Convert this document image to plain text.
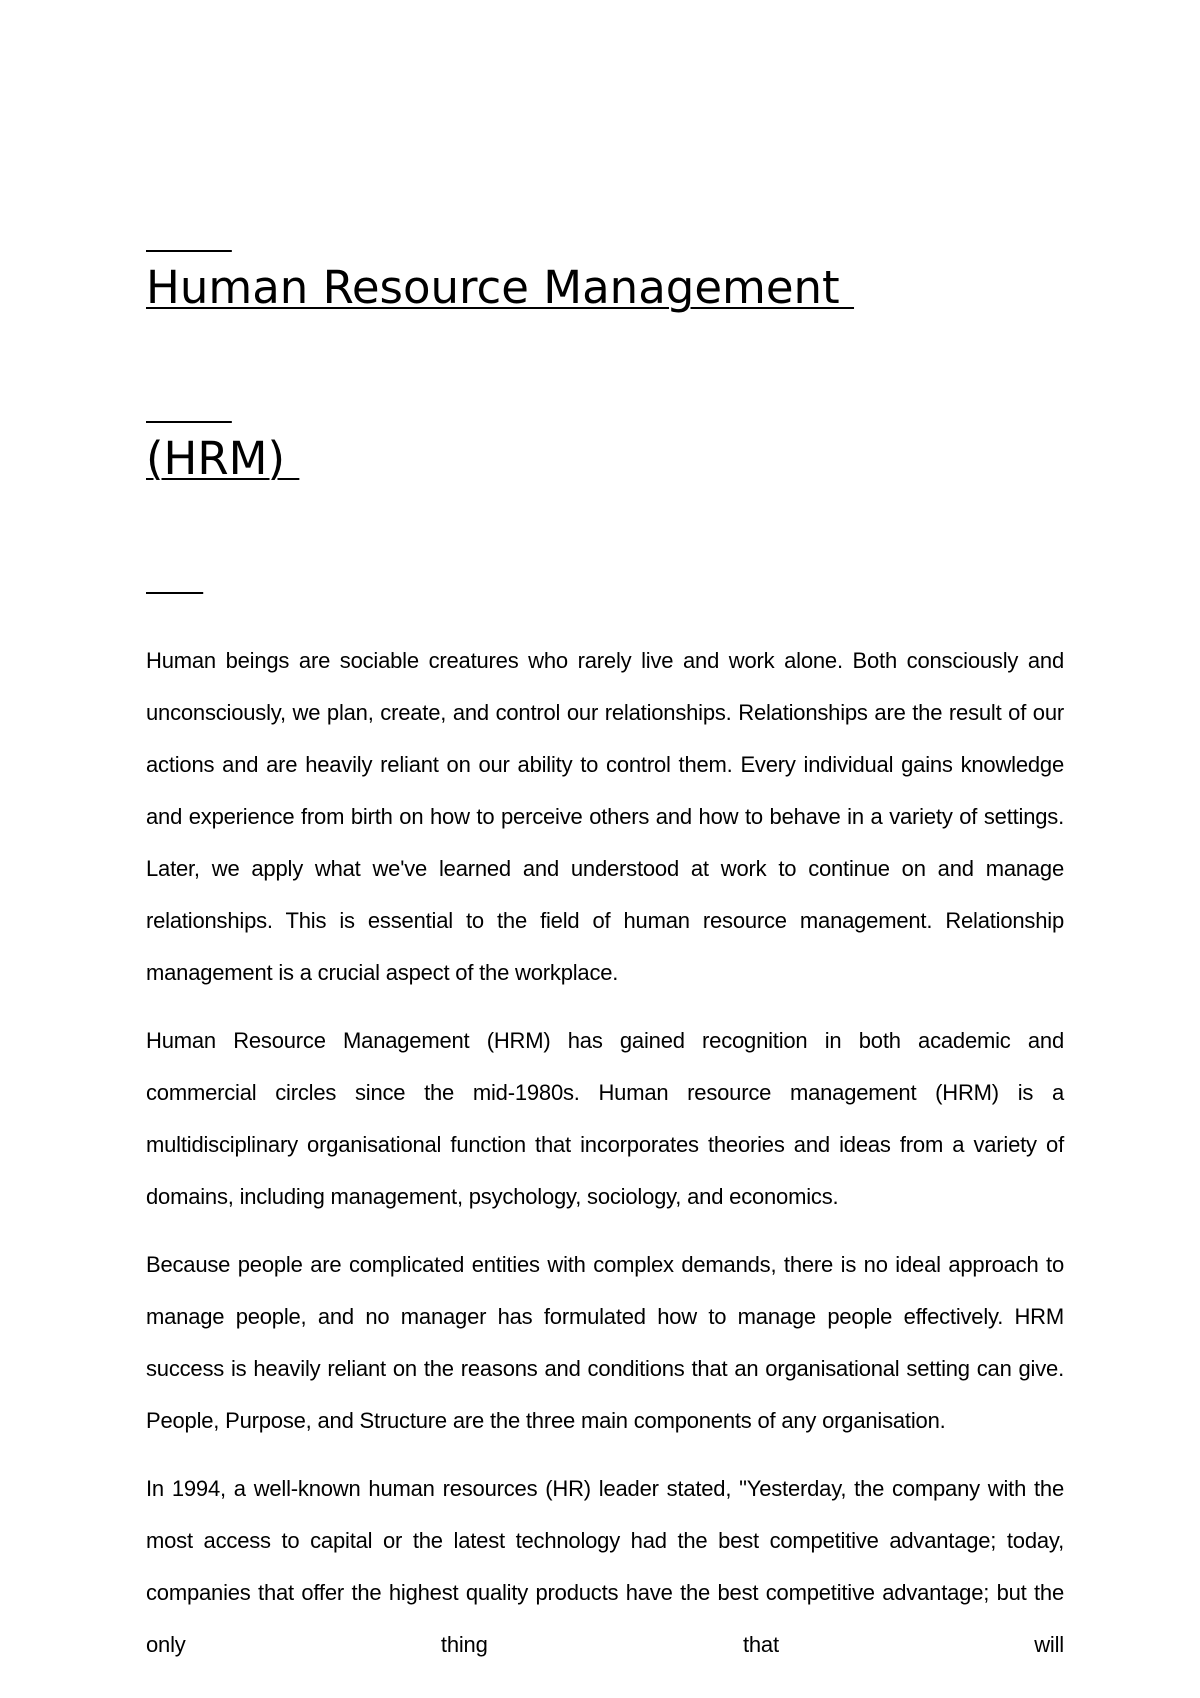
Human Resource Management

(HRM)

Human beings are sociable creatures who rarely live and work alone. Both consciously and unconsciously, we plan, create, and control our relationships. Relationships are the result of our actions and are heavily reliant on our ability to control them. Every individual gains knowledge and experience from birth on how to perceive others and how to behave in a variety of settings. Later, we apply what we've learned and understood at work to continue on and manage relationships. This is essential to the field of human resource management. Relationship management is a crucial aspect of the workplace.

Human Resource Management (HRM) has gained recognition in both academic and commercial circles since the mid-1980s. Human resource management (HRM) is a multidisciplinary organisational function that incorporates theories and ideas from a variety of domains, including management, psychology, sociology, and economics.

Because people are complicated entities with complex demands, there is no ideal approach to manage people, and no manager has formulated how to manage people effectively. HRM success is heavily reliant on the reasons and conditions that an organisational setting can give. People, Purpose, and Structure are the three main components of any organisation.

In 1994, a well-known human resources (HR) leader stated, "Yesterday, the company with the most access to capital or the latest technology had the best competitive advantage; today, companies that offer the highest quality products have the best competitive advantage; but the only thing that will
